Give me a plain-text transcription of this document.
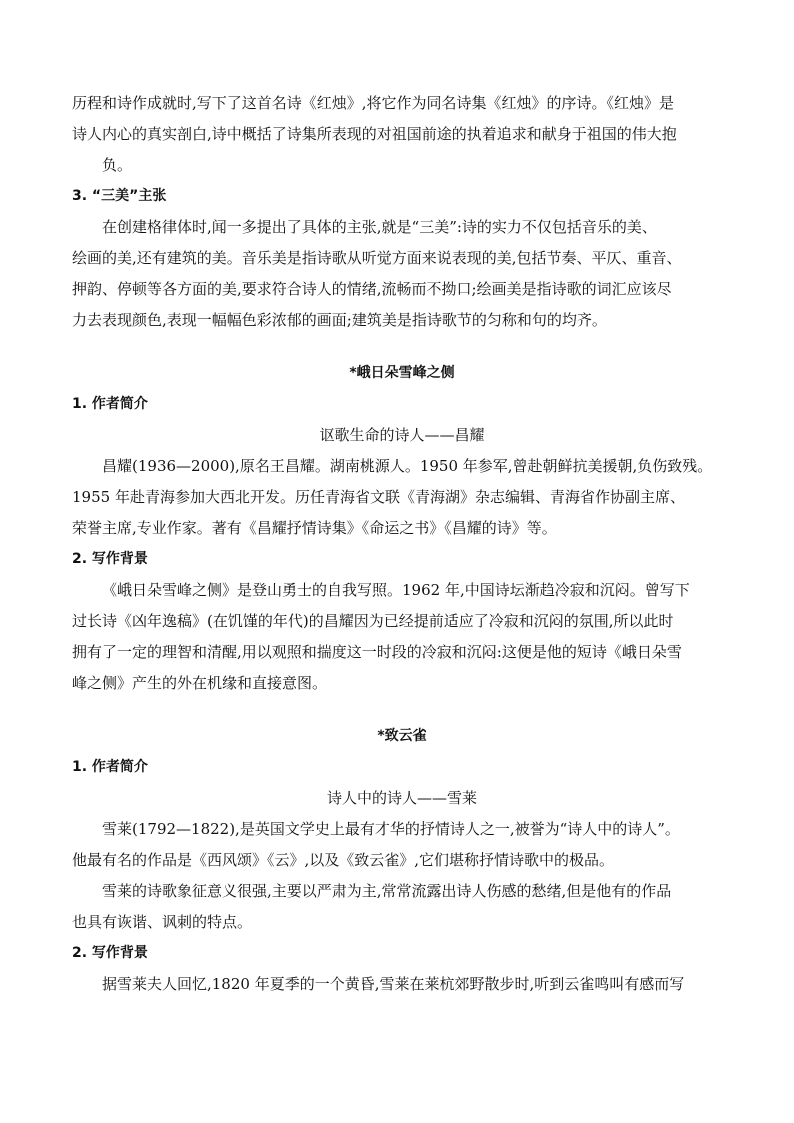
历程和诗作成就时,写下了这首名诗《红烛》,将它作为同名诗集《红烛》的序诗。《红烛》是
诗人内心的真实剖白,诗中概括了诗集所表现的对祖国前途的执着追求和献身于祖国的伟大抱
负。
3. “三美”主张
在创建格律体时,闻一多提出了具体的主张,就是“三美”:诗的实力不仅包括音乐的美、
绘画的美,还有建筑的美。音乐美是指诗歌从听觉方面来说表现的美,包括节奏、平仄、重音、
押韵、停顿等各方面的美,要求符合诗人的情绪,流畅而不拗口;绘画美是指诗歌的词汇应该尽
力去表现颜色,表现一幅幅色彩浓郁的画面;建筑美是指诗歌节的匀称和句的均齐。
*峨日朵雪峰之侧
1. 作者简介
讴歌生命的诗人——昌耀
昌耀(1936—2000),原名王昌耀。湖南桃源人。1950 年参军,曾赴朝鲜抗美援朝,负伤致残。
1955 年赴青海参加大西北开发。历任青海省文联《青海湖》杂志编辑、青海省作协副主席、
荣誉主席,专业作家。著有《昌耀抒情诗集》《命运之书》《昌耀的诗》等。
2. 写作背景
《峨日朵雪峰之侧》是登山勇士的自我写照。1962 年,中国诗坛渐趋冷寂和沉闷。曾写下
过长诗《凶年逸稿》(在饥馑的年代)的昌耀因为已经提前适应了冷寂和沉闷的氛围,所以此时
拥有了一定的理智和清醒,用以观照和揣度这一时段的冷寂和沉闷:这便是他的短诗《峨日朵雪
峰之侧》产生的外在机缘和直接意图。
*致云雀
1. 作者简介
诗人中的诗人——雪莱
雪莱(1792—1822),是英国文学史上最有才华的抒情诗人之一,被誉为“诗人中的诗人”。
他最有名的作品是《西风颂》《云》,以及《致云雀》,它们堪称抒情诗歌中的极品。
雪莱的诗歌象征意义很强,主要以严肃为主,常常流露出诗人伤感的愁绪,但是他有的作品
也具有诙谐、讽刺的特点。
2. 写作背景
据雪莱夫人回忆,1820 年夏季的一个黄昏,雪莱在莱杭郊野散步时,听到云雀鸣叫有感而写
